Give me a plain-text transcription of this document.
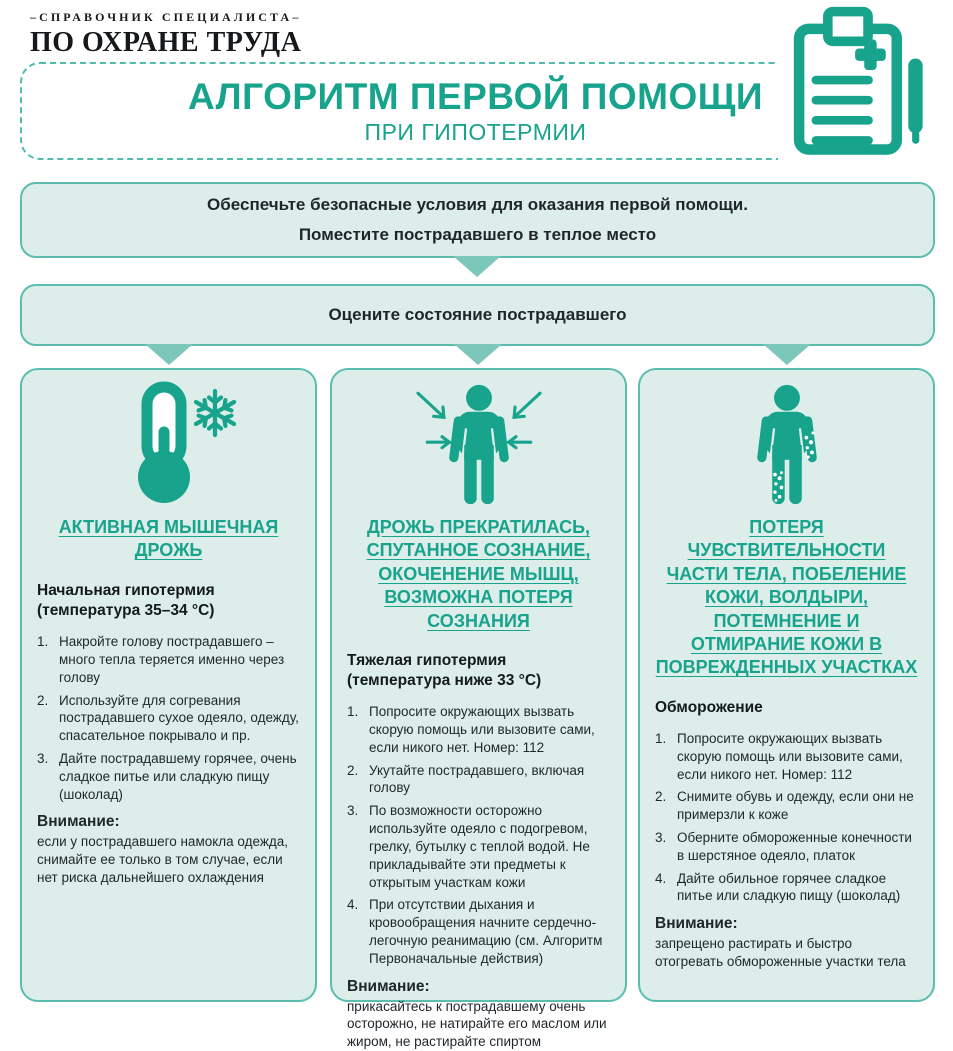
–СПРАВОЧНИК СПЕЦИАЛИСТА–
ПО ОХРАНЕ ТРУДА
АЛГОРИТМ ПЕРВОЙ ПОМОЩИ
ПРИ ГИПОТЕРМИИ
Обеспечьте безопасные условия для оказания первой помощи.
Поместите пострадавшего в теплое место
Оцените состояние пострадавшего
АКТИВНАЯ МЫШЕЧНАЯ ДРОЖЬ

Начальная гипотермия
(температура 35–34 °С)

Накройте голову пострадавшего – много тепла теряется именно через голову
Используйте для согревания пострадавшего сухое одеяло, одежду, спасательное покрывало и пр.
Дайте пострадавшему горячее, очень сладкое питье или сладкую пищу (шоколад)

Внимание:

если у пострадавшего намокла одежда, снимайте ее только в том случае, если нет риска дальнейшего охлаждения

ДРОЖЬ ПРЕКРАТИЛАСЬ, СПУТАННОЕ СОЗНАНИЕ, ОКОЧЕНЕНИЕ МЫШЦ, ВОЗМОЖНА ПОТЕРЯ СОЗНАНИЯ

Тяжелая гипотермия
(температура ниже 33 °С)

Попросите окружающих вызвать скорую помощь или вызовите сами, если никого нет. Номер: 112
Укутайте пострадавшего, включая голову
По возможности осторожно используйте одеяло с подогревом, грелку, бутылку с теплой водой. Не прикладывайте эти предметы к открытым участкам кожи
При отсутствии дыхания и кровообращения начните сердечно-легочную реанимацию (см. Алгоритм Первоначальные действия)

Внимание:

прикасайтесь к пострадавшему очень осторожно, не натирайте его маслом или жиром, не растирайте спиртом

ПОТЕРЯ ЧУВСТВИТЕЛЬНОСТИ ЧАСТИ ТЕЛА, ПОБЕЛЕНИЕ КОЖИ, ВОЛДЫРИ, ПОТЕМНЕНИЕ И ОТМИРАНИЕ КОЖИ В ПОВРЕЖДЕННЫХ УЧАСТКАХ

Обморожение

Попросите окружающих вызвать скорую помощь или вызовите сами, если никого нет. Номер: 112
Снимите обувь и одежду, если они не примерзли к коже
Оберните обмороженные конечности в шерстяное одеяло, платок
Дайте обильное горячее сладкое питье или сладкую пищу (шоколад)

Внимание:

запрещено растирать и быстро отогревать обмороженные участки тела
